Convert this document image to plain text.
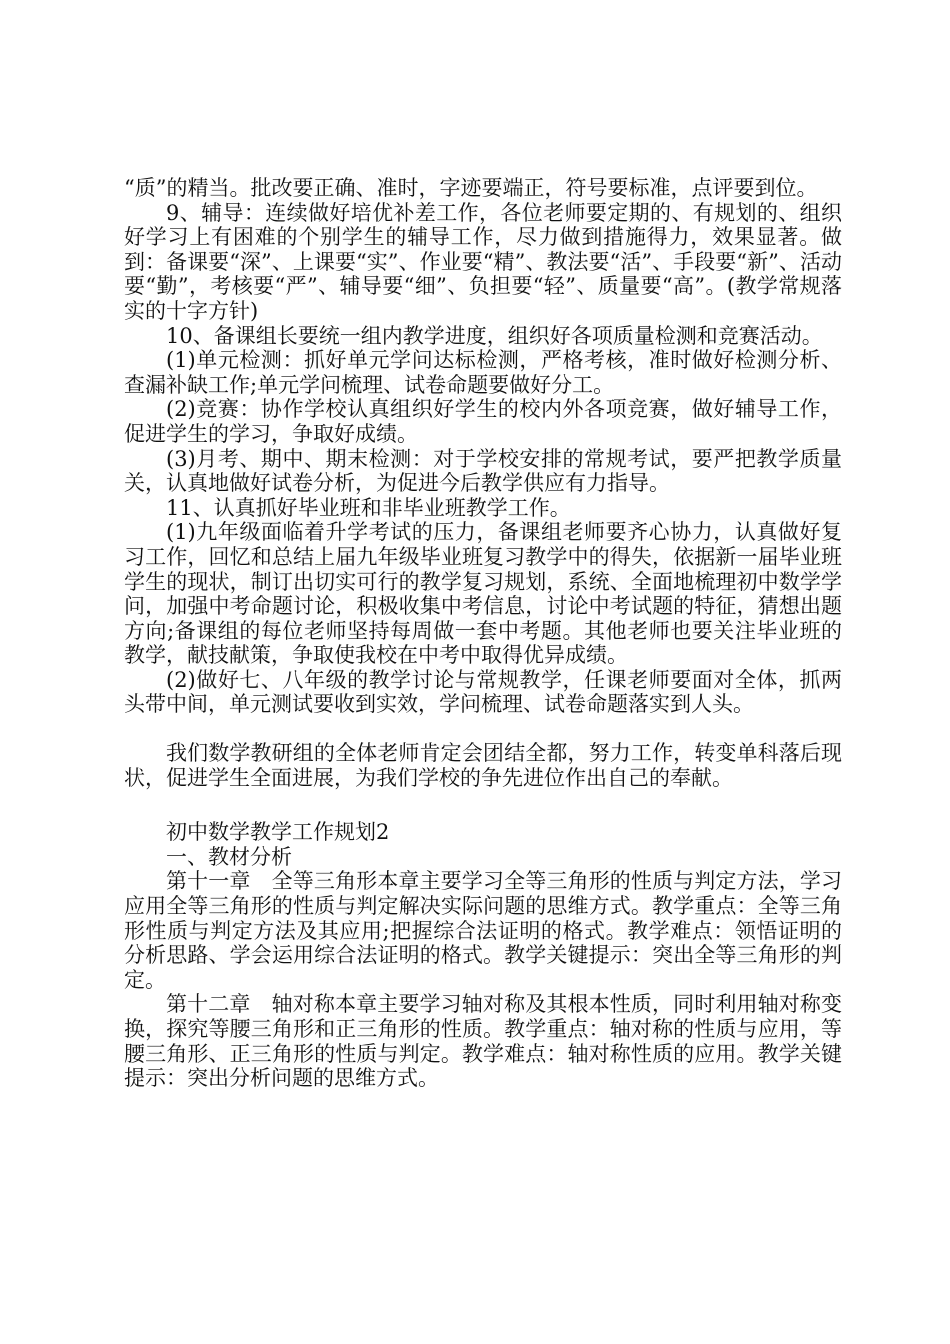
“质”的精当。批改要正确、准时，字迹要端正，符号要标准，点评要到位。

9、辅导：连续做好培优补差工作，各位老师要定期的、有规划的、组织好学习上有困难的个别学生的辅导工作，尽力做到措施得力，效果显著。做到：备课要“深”、上课要“实”、作业要“精”、教法要“活”、手段要“新”、活动要“勤”，考核要“严”、辅导要“细”、负担要“轻”、质量要“高”。(教学常规落实的十字方针)

10、备课组长要统一组内教学进度，组织好各项质量检测和竞赛活动。

(1)单元检测：抓好单元学问达标检测，严格考核，准时做好检测分析、查漏补缺工作;单元学问梳理、试卷命题要做好分工。

(2)竞赛：协作学校认真组织好学生的校内外各项竞赛，做好辅导工作，促进学生的学习，争取好成绩。

(3)月考、期中、期末检测：对于学校安排的常规考试，要严把教学质量关，认真地做好试卷分析，为促进今后教学供应有力指导。

11、认真抓好毕业班和非毕业班教学工作。

(1)九年级面临着升学考试的压力，备课组老师要齐心协力，认真做好复习工作，回忆和总结上届九年级毕业班复习教学中的得失，依据新一届毕业班学生的现状，制订出切实可行的教学复习规划，系统、全面地梳理初中数学学问，加强中考命题讨论，积极收集中考信息，讨论中考试题的特征，猜想出题方向;备课组的每位老师坚持每周做一套中考题。其他老师也要关注毕业班的教学，献技献策，争取使我校在中考中取得优异成绩。

(2)做好七、八年级的教学讨论与常规教学，任课老师要面对全体，抓两头带中间，单元测试要收到实效，学问梳理、试卷命题落实到人头。

我们数学教研组的全体老师肯定会团结全都，努力工作，转变单科落后现状，促进学生全面进展，为我们学校的争先进位作出自己的奉献。

初中数学教学工作规划2

一、教材分析

第十一章　全等三角形本章主要学习全等三角形的性质与判定方法，学习应用全等三角形的性质与判定解决实际问题的思维方式。教学重点：全等三角形性质与判定方法及其应用;把握综合法证明的格式。教学难点：领悟证明的分析思路、学会运用综合法证明的格式。教学关键提示：突出全等三角形的判定。

第十二章　轴对称本章主要学习轴对称及其根本性质，同时利用轴对称变换，探究等腰三角形和正三角形的性质。教学重点：轴对称的性质与应用，等腰三角形、正三角形的性质与判定。教学难点：轴对称性质的应用。教学关键提示：突出分析问题的思维方式。
